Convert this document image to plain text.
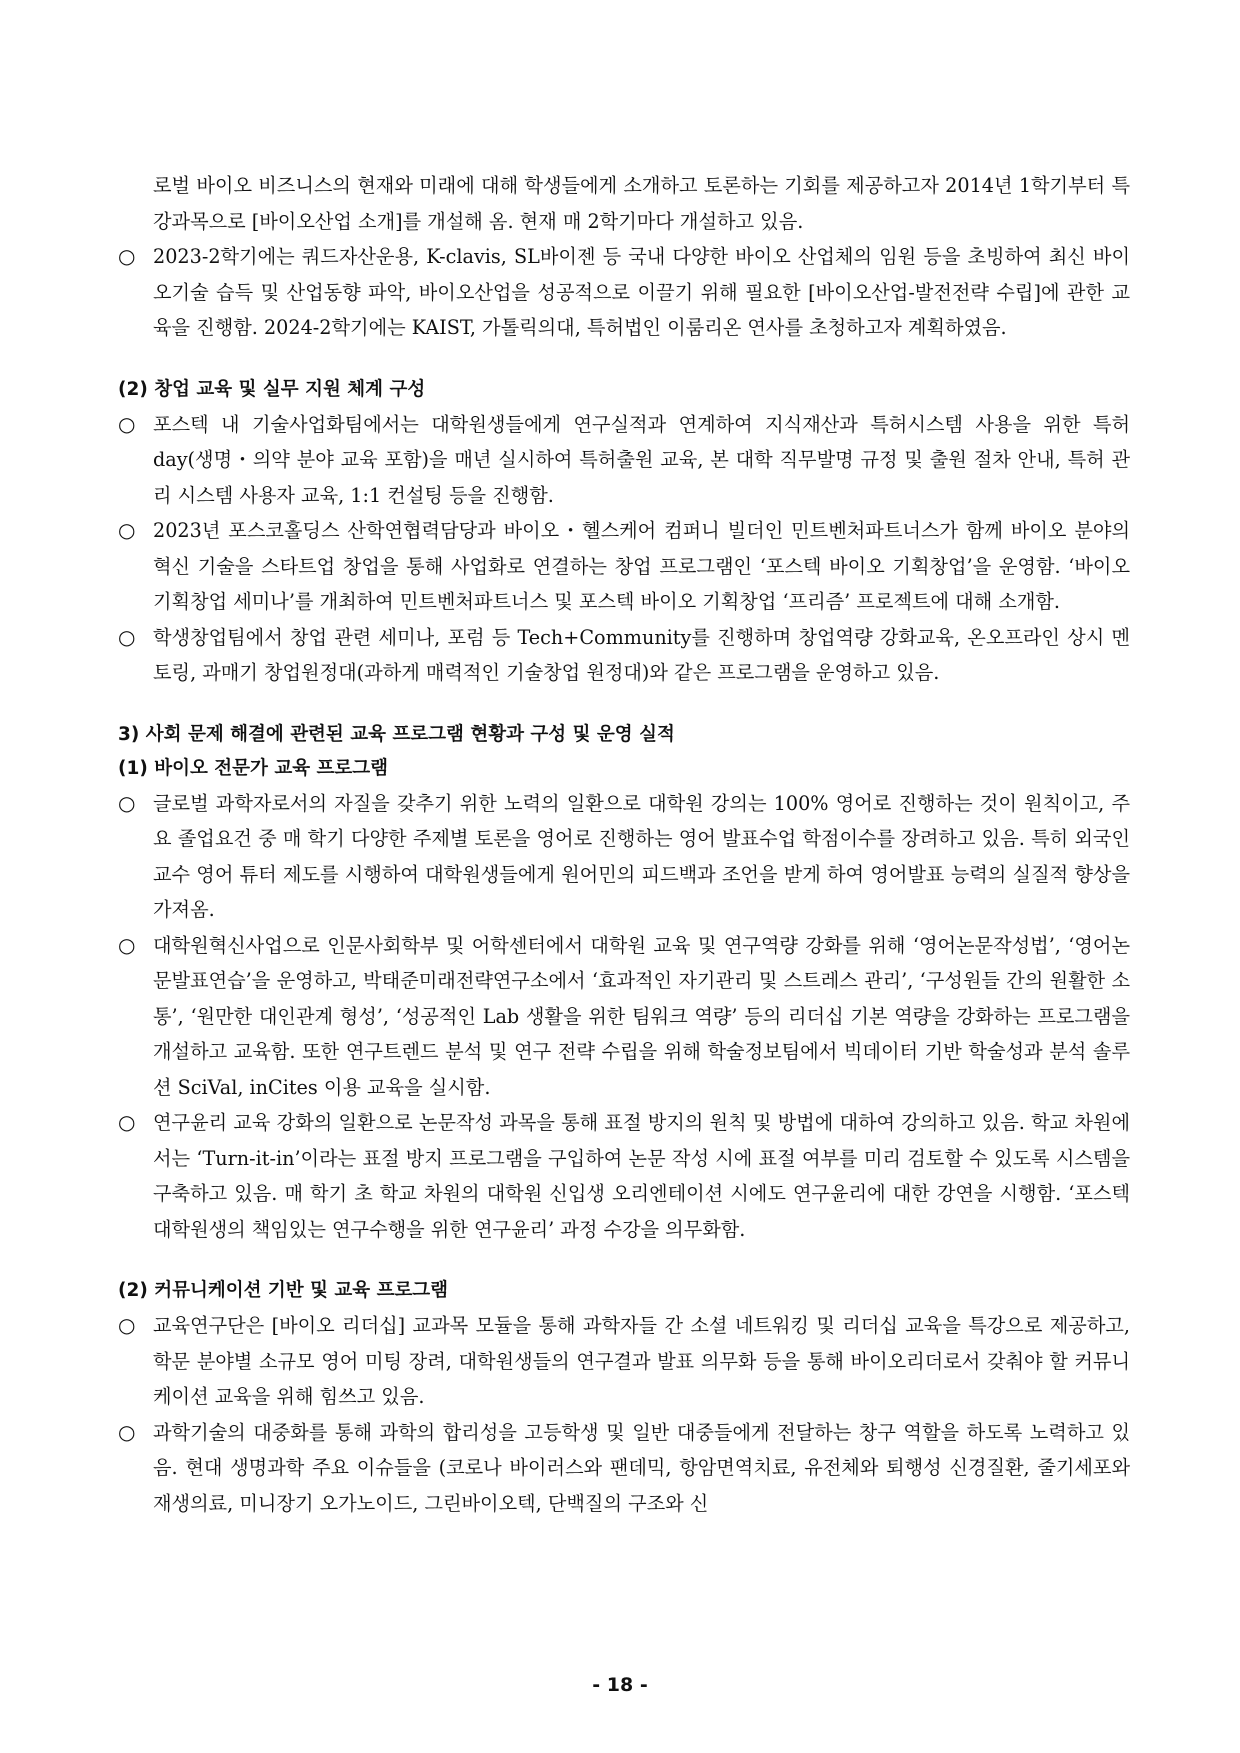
로벌 바이오 비즈니스의 현재와 미래에 대해 학생들에게 소개하고 토론하는 기회를 제공하고자 2014년 1학기부터 특강과목으로 [바이오산업 소개]를 개설해 옴. 현재 매 2학기마다 개설하고 있음.

○ 2023-2학기에는 쿼드자산운용, K-clavis, SL바이젠 등 국내 다양한 바이오 산업체의 임원 등을 초빙하여 최신 바이오기술 습득 및 산업동향 파악, 바이오산업을 성공적으로 이끌기 위해 필요한 [바이오산업-발전전략 수립]에 관한 교육을 진행함. 2024-2학기에는 KAIST, 가톨릭의대, 특허법인 이룸리온 연사를 초청하고자 계획하였음.

(2) 창업 교육 및 실무 지원 체계 구성

○ 포스텍 내 기술사업화팀에서는 대학원생들에게 연구실적과 연계하여 지식재산과 특허시스템 사용을 위한 특허 day(생명・의약 분야 교육 포함)을 매년 실시하여 특허출원 교육, 본 대학 직무발명 규정 및 출원 절차 안내, 특허 관리 시스템 사용자 교육, 1:1 컨설팅 등을 진행함.

○ 2023년 포스코홀딩스 산학연협력담당과 바이오・헬스케어 컴퍼니 빌더인 민트벤처파트너스가 함께 바이오 분야의 혁신 기술을 스타트업 창업을 통해 사업화로 연결하는 창업 프로그램인 ‘포스텍 바이오 기획창업’을 운영함. ‘바이오 기획창업 세미나’를 개최하여 민트벤처파트너스 및 포스텍 바이오 기획창업 ‘프리즘’ 프로젝트에 대해 소개함.

○ 학생창업팀에서 창업 관련 세미나, 포럼 등 Tech+Community를 진행하며 창업역량 강화교육, 온오프라인 상시 멘토링, 과매기 창업원정대(과하게 매력적인 기술창업 원정대)와 같은 프로그램을 운영하고 있음.

3) 사회 문제 해결에 관련된 교육 프로그램 현황과 구성 및 운영 실적

(1) 바이오 전문가 교육 프로그램

○ 글로벌 과학자로서의 자질을 갖추기 위한 노력의 일환으로 대학원 강의는 100% 영어로 진행하는 것이 원칙이고, 주요 졸업요건 중 매 학기 다양한 주제별 토론을 영어로 진행하는 영어 발표수업 학점이수를 장려하고 있음. 특히 외국인 교수 영어 튜터 제도를 시행하여 대학원생들에게 원어민의 피드백과 조언을 받게 하여 영어발표 능력의 실질적 향상을 가져옴.

○ 대학원혁신사업으로 인문사회학부 및 어학센터에서 대학원 교육 및 연구역량 강화를 위해 ‘영어논문작성법’, ‘영어논문발표연습’을 운영하고, 박태준미래전략연구소에서 ‘효과적인 자기관리 및 스트레스 관리’, ‘구성원들 간의 원활한 소통’, ‘원만한 대인관계 형성’, ‘성공적인 Lab 생활을 위한 팀워크 역량’ 등의 리더십 기본 역량을 강화하는 프로그램을 개설하고 교육함. 또한 연구트렌드 분석 및 연구 전략 수립을 위해 학술정보팀에서 빅데이터 기반 학술성과 분석 솔루션 SciVal, inCites 이용 교육을 실시함.

○ 연구윤리 교육 강화의 일환으로 논문작성 과목을 통해 표절 방지의 원칙 및 방법에 대하여 강의하고 있음. 학교 차원에서는 ‘Turn-it-in’이라는 표절 방지 프로그램을 구입하여 논문 작성 시에 표절 여부를 미리 검토할 수 있도록 시스템을 구축하고 있음. 매 학기 초 학교 차원의 대학원 신입생 오리엔테이션 시에도 연구윤리에 대한 강연을 시행함. ‘포스텍 대학원생의 책임있는 연구수행을 위한 연구윤리’ 과정 수강을 의무화함.

(2) 커뮤니케이션 기반 및 교육 프로그램

○ 교육연구단은 [바이오 리더십] 교과목 모듈을 통해 과학자들 간 소셜 네트워킹 및 리더십 교육을 특강으로 제공하고, 학문 분야별 소규모 영어 미팅 장려, 대학원생들의 연구결과 발표 의무화 등을 통해 바이오리더로서 갖춰야 할 커뮤니케이션 교육을 위해 힘쓰고 있음.

○ 과학기술의 대중화를 통해 과학의 합리성을 고등학생 및 일반 대중들에게 전달하는 창구 역할을 하도록 노력하고 있음. 현대 생명과학 주요 이슈들을 (코로나 바이러스와 팬데믹, 항암면역치료, 유전체와 퇴행성 신경질환, 줄기세포와 재생의료, 미니장기 오가노이드, 그린바이오텍, 단백질의 구조와 신

- 18 -
